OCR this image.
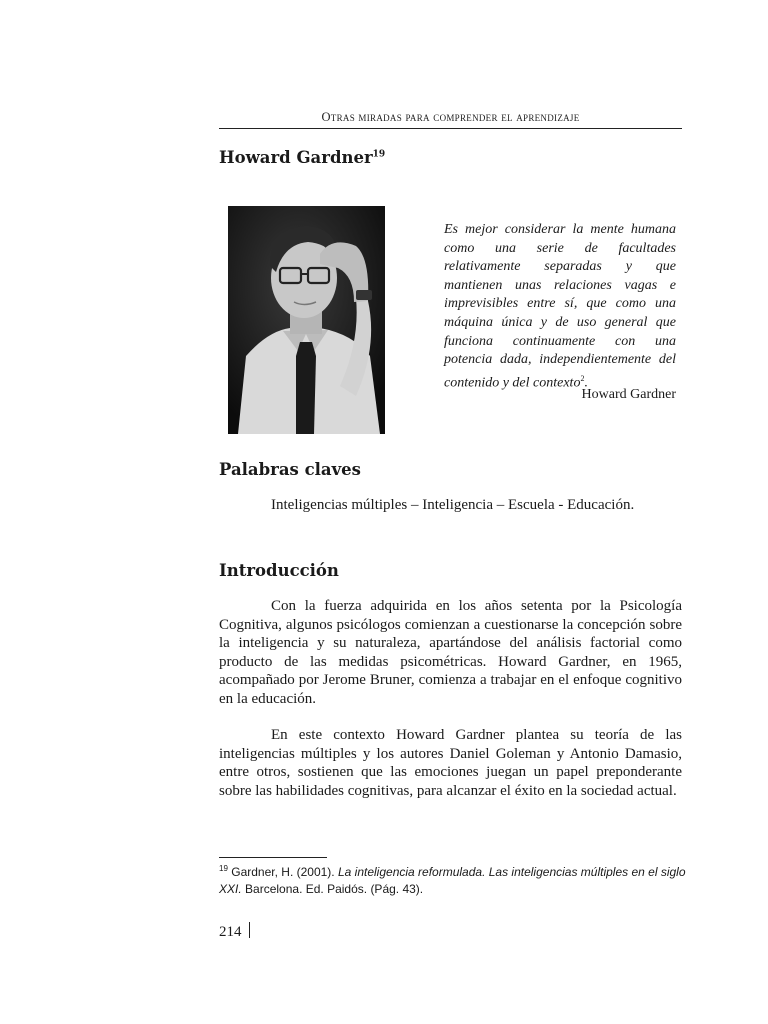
Otras miradas para comprender el aprendizaje
Howard Gardner$^{19}$

Es mejor considerar la mente humana como una serie de facultades relativamente separadas y que mantienen unas relaciones vagas e imprevisibles entre sí, que como una máquina única y de uso general que funciona continuamente con una potencia dada, independientemente del contenido y del contexto$^2$.

Howard Gardner
Palabras claves

Inteligencias múltiples – Inteligencia – Escuela - Educación.

Introducción

Con la fuerza adquirida en los años setenta por la Psicología Cognitiva, algunos psicólogos comienzan a cuestionarse la concepción sobre la inteligencia y su naturaleza, apartándose del análisis factorial como producto de las medidas psicométricas. Howard Gardner, en 1965, acompañado por Jerome Bruner, comienza a trabajar en el enfoque cognitivo en la educación.

En este contexto Howard Gardner plantea su teoría de las inteligencias múltiples y los autores Daniel Goleman y Antonio Damasio, entre otros, sostienen que las emociones juegan un papel preponderante sobre las habilidades cognitivas, para alcanzar el éxito en la sociedad actual.

$^{19}$ Gardner, H. (2001). La inteligencia reformulada. Las inteligencias múltiples en el siglo XXI. Barcelona. Ed. Paidós. (Pág. 43).

214
